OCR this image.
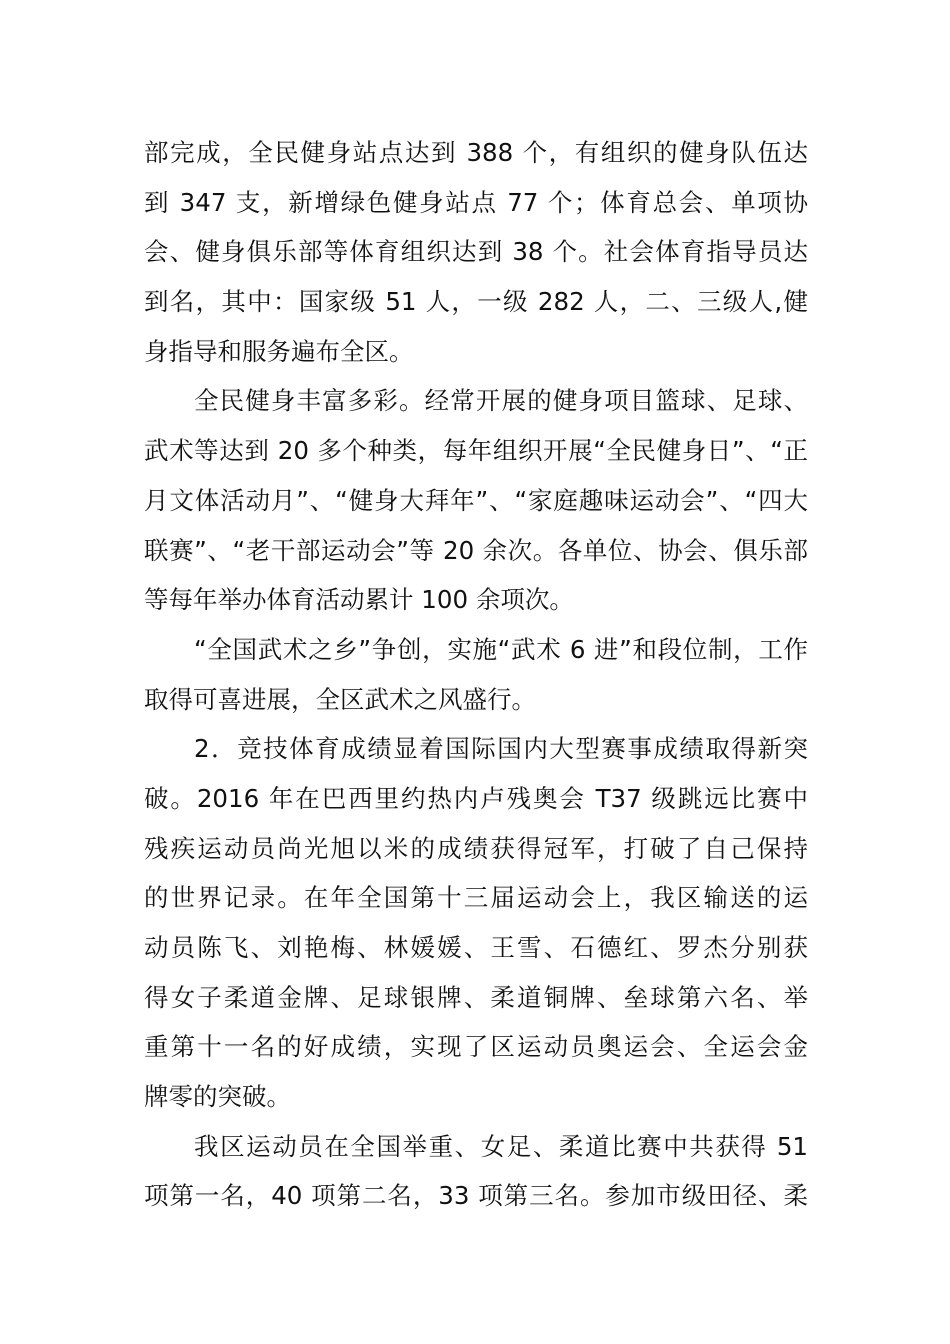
部完成，全民健身站点达到 388 个，有组织的健身队伍达
到 347 支，新增绿色健身站点 77 个；体育总会、单项协
会、健身俱乐部等体育组织达到 38 个。社会体育指导员达
到名，其中：国家级 51 人，一级 282 人，二、三级人,健
身指导和服务遍布全区。
全民健身丰富多彩。经常开展的健身项目篮球、足球、
武术等达到 20 多个种类，每年组织开展“全民健身日”、“正
月文体活动月”、“健身大拜年”、“家庭趣味运动会”、“四大
联赛”、“老干部运动会”等 20 余次。各单位、协会、俱乐部
等每年举办体育活动累计 100 余项次。
“全国武术之乡”争创，实施“武术 6 进”和段位制，工作
取得可喜进展，全区武术之风盛行。
2．竞技体育成绩显着国际国内大型赛事成绩取得新突
破。2016 年在巴西里约热内卢残奥会 T37 级跳远比赛中
残疾运动员尚光旭以米的成绩获得冠军，打破了自己保持
的世界记录。在年全国第十三届运动会上，我区输送的运
动员陈飞、刘艳梅、林媛媛、王雪、石德红、罗杰分别获
得女子柔道金牌、足球银牌、柔道铜牌、垒球第六名、举
重第十一名的好成绩，实现了区运动员奥运会、全运会金
牌零的突破。
我区运动员在全国举重、女足、柔道比赛中共获得 51
项第一名，40 项第二名，33 项第三名。参加市级田径、柔
